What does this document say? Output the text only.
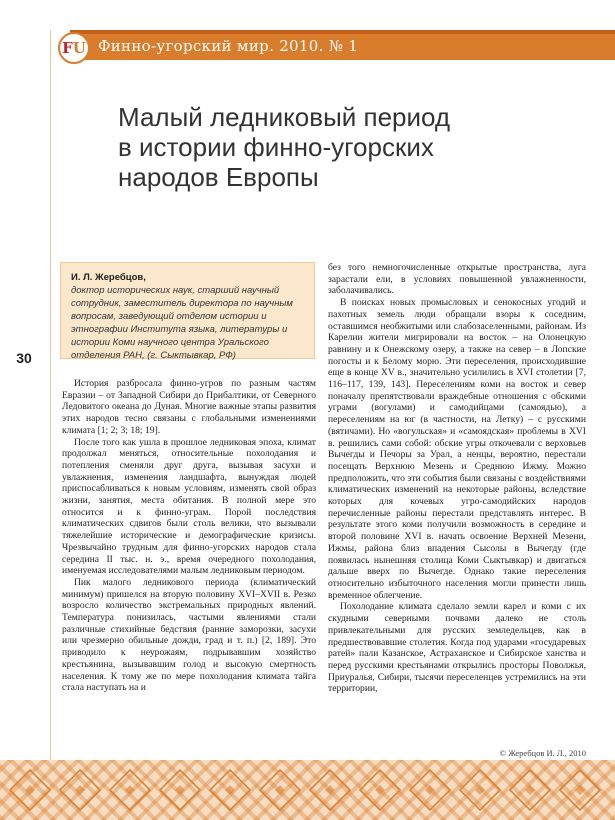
FU Финно-угорский мир. 2010. № 1
Малый ледниковый период
в истории финно-угорских
народов Европы
И. Л. Жеребцов,
доктор исторических наук, старший научный сотрудник, заместитель директора по научным вопросам, заведующий отделом истории и этнографии Института языка, литературы и истории Коми научного центра Уральского отделения РАН, (г. Сыктывкар, РФ)
30

История разбросала финно-угров по разным частям Евразии – от Западной Сибири до Прибалтики, от Северного Ледовитого океана до Дуная. Многие важные этапы развития этих народов тесно связаны с глобальными изменениями климата [1; 2; 3; 18; 19].

После того как ушла в прошлое ледниковая эпоха, климат продолжал меняться, относительные похолодания и потепления сменяли друг друга, вызывая засухи и увлажнения, изменения ландшафта, вынуждая людей приспосабливаться к новым условиям, изменять свой образ жизни, занятия, места обитания. В полной мере это относится и к финно-уграм. Порой последствия климатических сдвигов были столь велики, что вызывали тяжелейшие исторические и демографические кризисы. Чрезвычайно трудным для финно-угорских народов стала середина II тыс. н. э., время очередного похолодания, именуемая исследователями малым ледниковым периодом.

Пик малого ледникового периода (климатический минимум) пришелся на вторую половину XVI–XVII в. Резко возросло количество экстремальных природных явлений. Температура понизилась, частыми явлениями стали различные стихийные бедствия (ранние заморозки, засухи или чрезмерно обильные дожди, град и т. п.) [2, 189]. Это приводило к неурожаям, подрывавшим хозяйство крестьянина, вызывавшим голод и высокую смертность населения. К тому же по мере похолодания климата тайга стала наступать на и

без того немногочисленные открытые пространства, луга зарастали ели, в условиях повышенной увлажненности, заболачивались.

В поисках новых промысловых и сенокосных угодий и пахотных земель люди обращали взоры к соседним, оставшимся необжитыми или слабозаселенными, районам. Из Карелии жители мигрировали на восток – на Олонецкую равнину и к Онежскому озеру, а также на север – в Лопские погосты и к Белому морю. Эти переселения, происходившие еще в конце XV в., значительно усилились в XVI столетии [7, 116–117, 139, 143]. Переселениям коми на восток и север поначалу препятствовали враждебные отношения с обскими уграми (вогулами) и самодийцами (самоядью), а переселениям на юг (в частности, на Летку) – с русскими (вятичами). Но «вогульская» и «самоядская» проблемы в XVI в. решились сами собой: обские угры откочевали с верховьев Вычегды и Печоры за Урал, а ненцы, вероятно, перестали посещать Верхнюю Мезень и Среднюю Ижму. Можно предположить, что эти события были связаны с воздействиями климатических изменений на некоторые районы, вследствие которых для кочевых угро-самодийских народов перечисленные районы перестали представлять интерес. В результате этого коми получили возможность в середине и второй половине XVI в. начать освоение Верхней Мезени, Ижмы, района близ впадения Сысолы в Вычегду (где появилась нынешняя столица Коми Сыктывкар) и двигаться дальше вверх по Вычегде. Однако такие переселения относительно избыточного населения могли принести лишь временное облегчение.

Похолодание климата сделало земли карел и коми с их скудными северными почвами далеко не столь привлекательными для русских земледельцев, как в предшествовавшие столетия. Когда под ударами «государевых ратей» пали Казанское, Астраханское и Сибирское ханства и перед русскими крестьянами открылись просторы Поволжья, Приуралья, Сибири, тысячи переселенцев устремились на эти территории,

© Жеребцов И. Л., 2010
